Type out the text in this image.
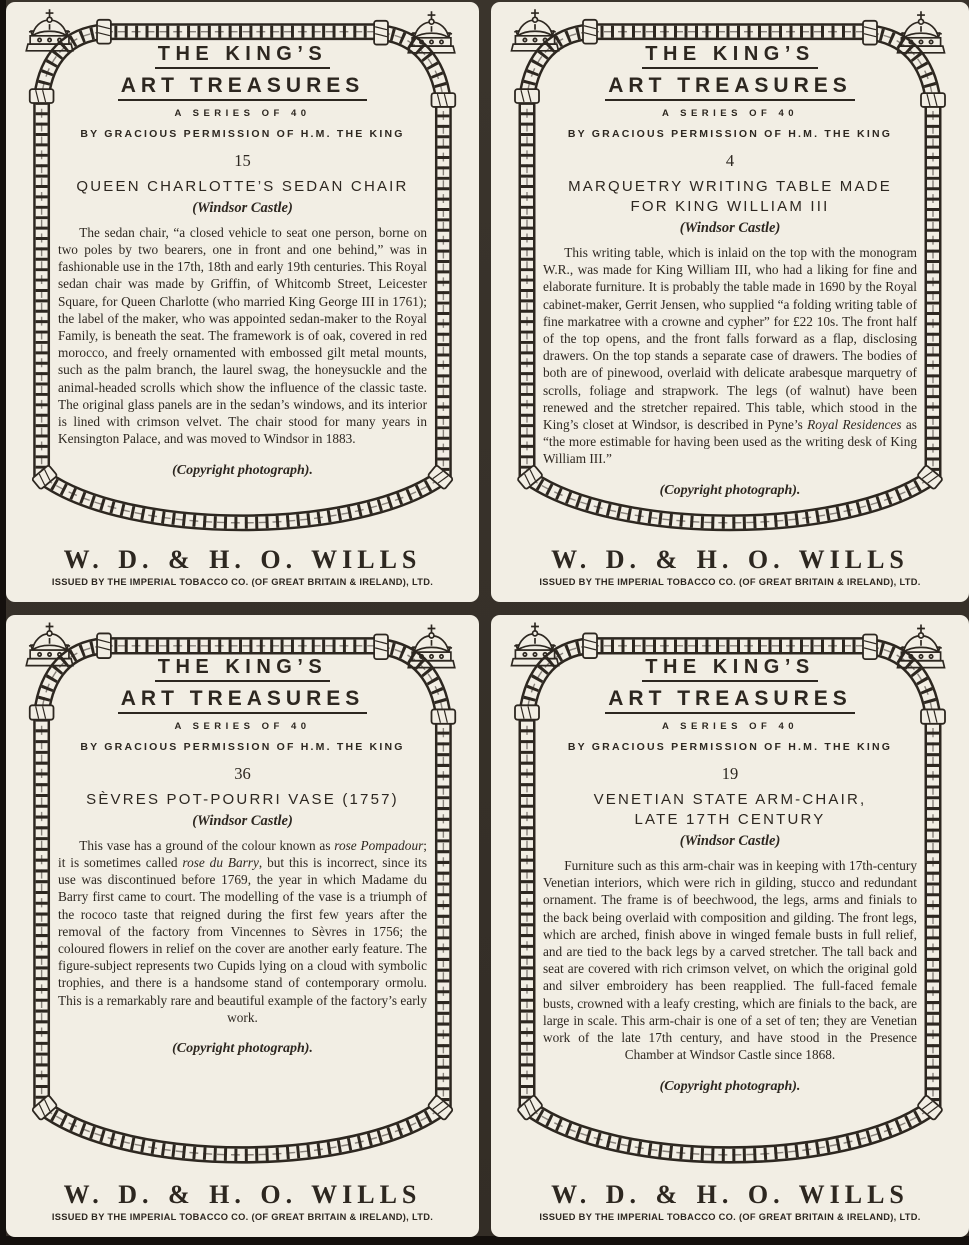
THE KING’S
ART TREASURES
A SERIES OF 40
BY GRACIOUS PERMISSION OF H.M. THE KING
15
QUEEN CHARLOTTE’S SEDAN CHAIR
(Windsor Castle)

The sedan chair, “a closed vehicle to seat one person, borne on two poles by two bearers, one in front and one behind,” was in fashionable use in the 17th, 18th and early 19th centuries. This Royal sedan chair was made by Griffin, of Whitcomb Street, Leicester Square, for Queen Charlotte (who married King George III in 1761); the label of the maker, who was appointed sedan-maker to the Royal Family, is beneath the seat. The framework is of oak, covered in red morocco, and freely ornamented with embossed gilt metal mounts, such as the palm branch, the laurel swag, the honeysuckle and the animal-headed scrolls which show the influence of the classic taste. The original glass panels are in the sedan’s windows, and its interior is lined with crimson velvet. The chair stood for many years in Kensington Palace, and was moved to Windsor in 1883.

(Copyright photograph).
W. D. & H. O. WILLS
ISSUED BY THE IMPERIAL TOBACCO CO. (OF GREAT BRITAIN & IRELAND), LTD.
THE KING’S
ART TREASURES
A SERIES OF 40
BY GRACIOUS PERMISSION OF H.M. THE KING
4
MARQUETRY WRITING TABLE MADE
FOR KING WILLIAM III
(Windsor Castle)

This writing table, which is inlaid on the top with the monogram W.R., was made for King William III, who had a liking for fine and elaborate furniture. It is probably the table made in 1690 by the Royal cabinet-maker, Gerrit Jensen, who supplied “a folding writing table of fine markatree with a crowne and cypher” for £22 10s. The front half of the top opens, and the front falls forward as a flap, disclosing drawers. On the top stands a separate case of drawers. The bodies of both are of pinewood, overlaid with delicate arabesque marquetry of scrolls, foliage and strapwork. The legs (of walnut) have been renewed and the stretcher repaired. This table, which stood in the King’s closet at Windsor, is described in Pyne’s Royal Residences as “the more estimable for having been used as the writing desk of King William III.”

(Copyright photograph).
W. D. & H. O. WILLS
ISSUED BY THE IMPERIAL TOBACCO CO. (OF GREAT BRITAIN & IRELAND), LTD.
THE KING’S
ART TREASURES
A SERIES OF 40
BY GRACIOUS PERMISSION OF H.M. THE KING
36
SÈVRES POT-POURRI VASE (1757)
(Windsor Castle)

This vase has a ground of the colour known as rose Pompadour; it is sometimes called rose du Barry, but this is incorrect, since its use was discontinued before 1769, the year in which Madame du Barry first came to court. The modelling of the vase is a triumph of the rococo taste that reigned during the first few years after the removal of the factory from Vincennes to Sèvres in 1756; the coloured flowers in relief on the cover are another early feature. The figure-subject represents two Cupids lying on a cloud with symbolic trophies, and there is a handsome stand of contemporary ormolu. This is a remarkably rare and beautiful example of the factory’s early work.

(Copyright photograph).
W. D. & H. O. WILLS
ISSUED BY THE IMPERIAL TOBACCO CO. (OF GREAT BRITAIN & IRELAND), LTD.
THE KING’S
ART TREASURES
A SERIES OF 40
BY GRACIOUS PERMISSION OF H.M. THE KING
19
VENETIAN STATE ARM-CHAIR,
LATE 17TH CENTURY
(Windsor Castle)

Furniture such as this arm-chair was in keeping with 17th-century Venetian interiors, which were rich in gilding, stucco and redundant ornament. The frame is of beechwood, the legs, arms and finials to the back being overlaid with composition and gilding. The front legs, which are arched, finish above in winged female busts in full relief, and are tied to the back legs by a carved stretcher. The tall back and seat are covered with rich crimson velvet, on which the original gold and silver embroidery has been reapplied. The full-faced female busts, crowned with a leafy cresting, which are finials to the back, are large in scale. This arm-chair is one of a set of ten; they are Venetian work of the late 17th century, and have stood in the Presence Chamber at Windsor Castle since 1868.

(Copyright photograph).
W. D. & H. O. WILLS
ISSUED BY THE IMPERIAL TOBACCO CO. (OF GREAT BRITAIN & IRELAND), LTD.
